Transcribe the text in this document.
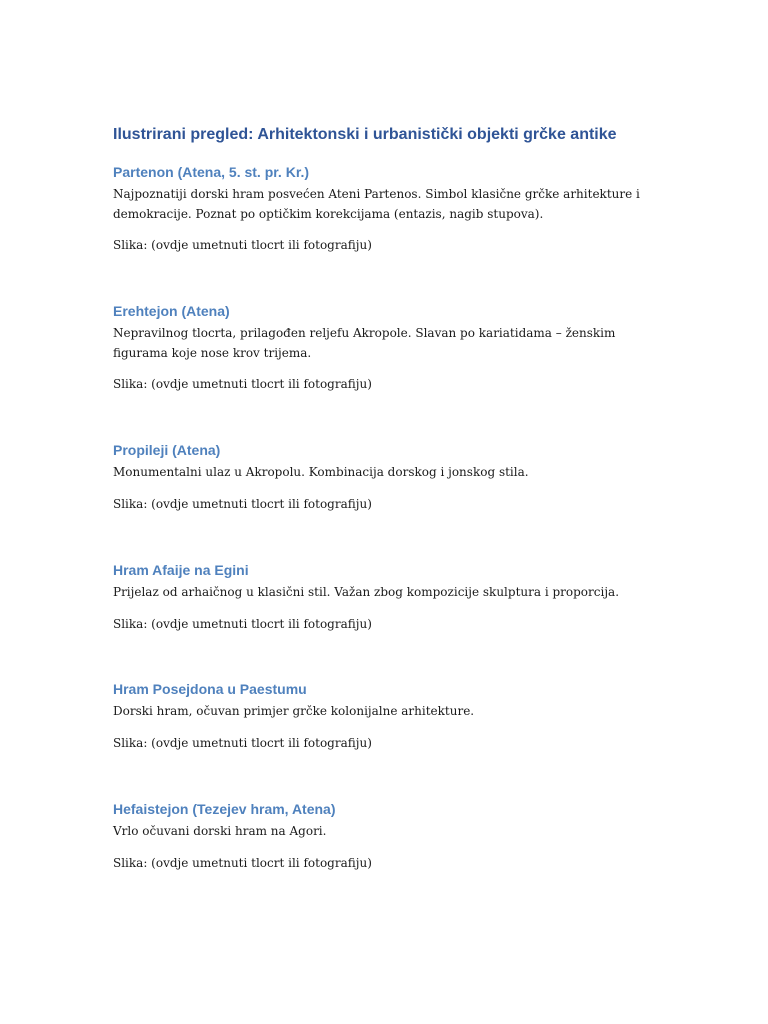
Ilustrirani pregled: Arhitektonski i urbanistički objekti grčke antike
Partenon (Atena, 5. st. pr. Kr.)

Najpoznatiji dorski hram posvećen Ateni Partenos. Simbol klasične grčke arhitekture i demokracije. Poznat po optičkim korekcijama (entazis, nagib stupova).

Slika: (ovdje umetnuti tlocrt ili fotografiju)

Erehtejon (Atena)

Nepravilnog tlocrta, prilagođen reljefu Akropole. Slavan po kariatidama – ženskim figurama koje nose krov trijema.

Slika: (ovdje umetnuti tlocrt ili fotografiju)

Propileji (Atena)

Monumentalni ulaz u Akropolu. Kombinacija dorskog i jonskog stila.

Slika: (ovdje umetnuti tlocrt ili fotografiju)

Hram Afaije na Egini

Prijelaz od arhaičnog u klasični stil. Važan zbog kompozicije skulptura i proporcija.

Slika: (ovdje umetnuti tlocrt ili fotografiju)

Hram Posejdona u Paestumu

Dorski hram, očuvan primjer grčke kolonijalne arhitekture.

Slika: (ovdje umetnuti tlocrt ili fotografiju)

Hefaistejon (Tezejev hram, Atena)

Vrlo očuvani dorski hram na Agori.

Slika: (ovdje umetnuti tlocrt ili fotografiju)
